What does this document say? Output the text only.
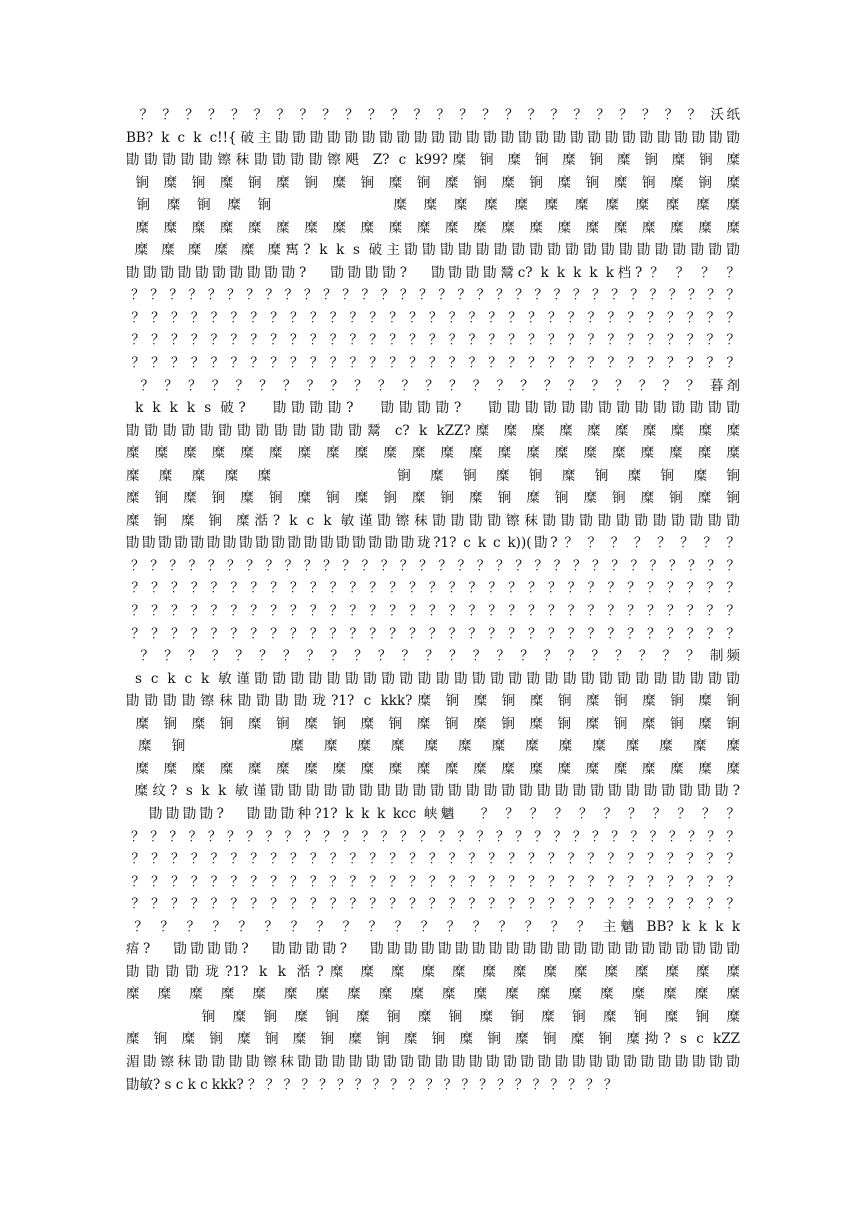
？ ？ ？ ？ ？ ？ ？ ？ ？ ？ ？ ？ ？ ？ ？ ？ ？ ？ ？ ？ ？ ？ ？ ？ ？ 沃纸
BB? k c k c!!{破主勖勖勖勖勖勖勖勖勖勖勖勖勖勖勖勖勖勖勖勖勖勖勖勖勖勖勖
勖勖勖勖勖镲秣勖勖勖勖镲飓 Z? c k99?糜 锏 糜 锏 糜 锏 糜 锏 糜 锏 糜
锏 糜 锏 糜 锏 糜 锏 糜 锏 糜 锏 糜 锏 糜 锏 糜 锏 糜 锏 糜 锏 糜
锏 糜 锏 糜 锏           糜 糜 糜 糜 糜 糜 糜 糜 糜 糜 糜 糜
糜 糜 糜 糜 糜 糜 糜 糜 糜 糜 糜 糜 糜 糜 糜 糜 糜 糜 糜 糜 糜 糜
糜 糜 糜 糜 糜 糜寯? k k s 破主勖勖勖勖勖勖勖勖勖勖勖勖勖勖勖勖勖勖勖
勖勖勖勖勖勖勖勖勖勖?   勖勖勖勖?   勖勖勖勖鬵c? k k k k k档? ？ ？ ？ ？
？ ？ ？ ？ ？ ？ ？ ？ ？ ？ ？ ？ ？ ？ ？ ？ ？ ？ ？ ？ ？ ？ ？ ？ ？ ？ ？ ？ ？ ？ ？ ？
？ ？ ？ ？ ？ ？ ？ ？ ？ ？ ？ ？ ？ ？ ？ ？ ？ ？ ？ ？ ？ ？ ？ ？ ？ ？ ？ ？ ？ ？ ？
？ ？ ？ ？ ？ ？ ？ ？ ？ ？ ？ ？ ？ ？ ？ ？ ？ ？ ？ ？ ？ ？ ？ ？ ？ ？ ？ ？ ？ ？ ？
？ ？ ？ ？ ？ ？ ？ ？ ？ ？ ？ ？ ？ ？ ？ ？ ？ ？ ？ ？ ？ ？ ？ ？ ？ ？ ？ ？ ？ ？ ？
？ ？ ？ ？ ？ ？ ？ ？ ？ ？ ？ ？ ？ ？ ？ ？ ？ ？ ？ ？ ？ ？ ？ ？ 暮剤
k k k k s 破?   勖勖勖勖?   勖勖勖勖?   勖勖勖勖勖勖勖勖勖勖勖勖勖勖
勖勖勖勖勖勖勖勖勖勖勖勖勖鬵 c? k kZZ?糜 糜 糜 糜 糜 糜 糜 糜 糜 糜
糜 糜 糜 糜 糜 糜 糜 糜 糜 糜 糜 糜 糜 糜 糜 糜 糜 糜 糜 糜 糜 糜
糜 糜 糜 糜 糜          锏 糜 锏 糜 锏 糜 锏 糜 锏 糜 锏
糜 锏 糜 锏 糜 锏 糜 锏 糜 锏 糜 锏 糜 锏 糜 锏 糜 锏 糜 锏 糜 锏
糜 锏 糜 锏 糜湉? k c k 敏谨勖镲秣勖勖勖勖镲秣勖勖勖勖勖勖勖勖勖勖勖
勖勖勖勖勖勖勖勖勖勖勖勖勖勖勖勖勖勖珑?1? c k c k))(勖? ？ ？ ？ ？ ？ ？ ？ ？
？ ？ ？ ？ ？ ？ ？ ？ ？ ？ ？ ？ ？ ？ ？ ？ ？ ？ ？ ？ ？ ？ ？ ？ ？ ？ ？ ？ ？ ？ ？ ？
？ ？ ？ ？ ？ ？ ？ ？ ？ ？ ？ ？ ？ ？ ？ ？ ？ ？ ？ ？ ？ ？ ？ ？ ？ ？ ？ ？ ？ ？ ？
？ ？ ？ ？ ？ ？ ？ ？ ？ ？ ？ ？ ？ ？ ？ ？ ？ ？ ？ ？ ？ ？ ？ ？ ？ ？ ？ ？ ？ ？ ？
？ ？ ？ ？ ？ ？ ？ ？ ？ ？ ？ ？ ？ ？ ？ ？ ？ ？ ？ ？ ？ ？ ？ ？ ？ ？ ？ ？ ？ ？ ？
？ ？ ？ ？ ？ ？ ？ ？ ？ ？ ？ ？ ？ ？ ？ ？ ？ ？ ？ ？ ？ ？ ？ ？ 制频
s c k c k 敏谨勖勖勖勖勖勖勖勖勖勖勖勖勖勖勖勖勖勖勖勖勖勖勖勖勖勖勖
勖勖勖勖镲秣勖勖勖勖珑?1? c kkk?糜 锏 糜 锏 糜 锏 糜 锏 糜 锏 糜 锏
糜 锏 糜 锏 糜 锏 糜 锏 糜 锏 糜 锏 糜 锏 糜 锏 糜 锏 糜 锏 糜 锏
糜 锏        糜 糜 糜 糜 糜 糜 糜 糜 糜 糜 糜 糜 糜 糜
糜 糜 糜 糜 糜 糜 糜 糜 糜 糜 糜 糜 糜 糜 糜 糜 糜 糜 糜 糜 糜 糜
糜纹? s k k 敏谨勖勖勖勖勖勖勖勖勖勖勖勖勖勖勖勖勖勖勖勖勖勖勖勖勖勖?
勖勖勖勖?   勖勖勖种?1? k k k kcc 峡魑   ？ ？ ？ ？ ？ ？ ？ ？ ？ ？ ？
？ ？ ？ ？ ？ ？ ？ ？ ？ ？ ？ ？ ？ ？ ？ ？ ？ ？ ？ ？ ？ ？ ？ ？ ？ ？ ？ ？ ？ ？ ？ ？
？ ？ ？ ？ ？ ？ ？ ？ ？ ？ ？ ？ ？ ？ ？ ？ ？ ？ ？ ？ ？ ？ ？ ？ ？ ？ ？ ？ ？ ？ ？
？ ？ ？ ？ ？ ？ ？ ？ ？ ？ ？ ？ ？ ？ ？ ？ ？ ？ ？ ？ ？ ？ ？ ？ ？ ？ ？ ？ ？ ？ ？
？ ？ ？ ？ ？ ？ ？ ？ ？ ？ ？ ？ ？ ？ ？ ？ ？ ？ ？ ？ ？ ？ ？ ？ ？ ？ ？ ？ ？ ？ ？
？ ？ ？ ？ ？ ？ ？ ？ ？ ？ ？ ？ ？ ？ ？ ？ ？ ？ 主魑 BB? k k k k
痦?   勖勖勖勖?   勖勖勖勖?   勖勖勖勖勖勖勖勖勖勖勖勖勖勖勖勖勖勖勖勖勖勖
勖勖勖勖珑?1? k k 湉?糜 糜 糜 糜 糜 糜 糜 糜 糜 糜 糜 糜 糜 糜
糜 糜 糜 糜 糜 糜 糜 糜 糜 糜 糜 糜 糜 糜 糜 糜 糜 糜 糜 糜
锏 糜 锏 糜 锏 糜 锏 糜 锏 糜 锏 糜 锏 糜 锏 糜 锏 糜
糜 锏 糜 锏 糜 锏 糜 锏 糜 锏 糜 锏 糜 锏 糜 锏 糜 锏 糜拗? s c kZZ
湄勖镲秣勖勖勖勖镲秣勖勖勖勖勖勖勖勖勖勖勖勖勖勖勖勖勖勖勖勖勖勖勖勖勖勖
勖敏? s c k c kkk? ？ ？ ？ ？ ？ ？ ？ ？ ？ ？ ？ ？ ？ ？ ？ ？ ？ ？ ？ ？ ？
